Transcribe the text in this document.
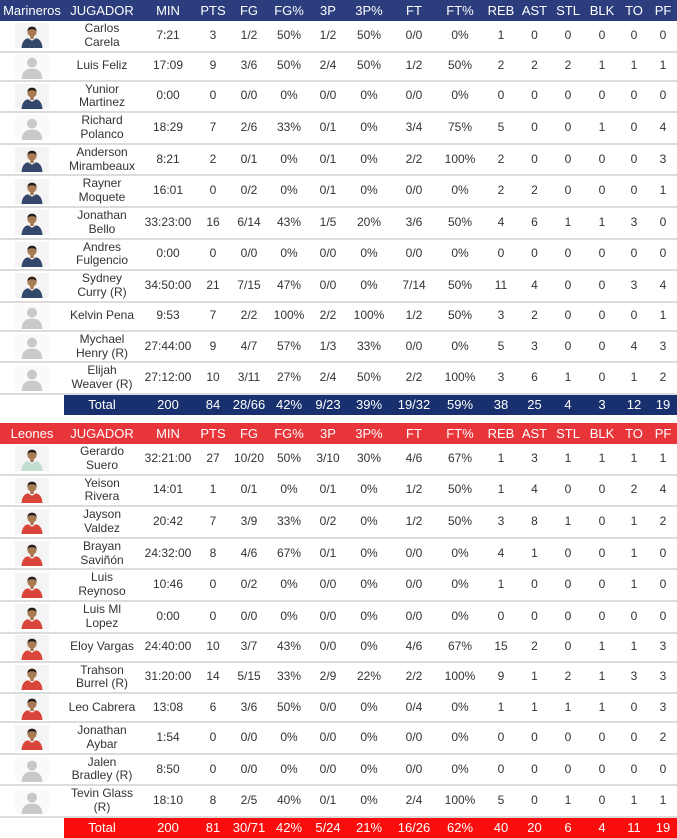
Marineros	JUGADOR	MIN	PTS	FG	FG%	3P	3P%	FT	FT%	REB	AST	STL	BLK	TO	PF

	Carlos Carela	7:21	3	1/2	50%	1/2	50%	0/0	0%	1	0	0	0	0	0

	Luis Feliz	17:09	9	3/6	50%	2/4	50%	1/2	50%	2	2	2	1	1	1

	Yunior Martinez	0:00	0	0/0	0%	0/0	0%	0/0	0%	0	0	0	0	0	0

	Richard Polanco	18:29	7	2/6	33%	0/1	0%	3/4	75%	5	0	0	1	0	4

	Anderson Mirambeaux	8:21	2	0/1	0%	0/1	0%	2/2	100%	2	0	0	0	0	3

	Rayner Moquete	16:01	0	0/2	0%	0/1	0%	0/0	0%	2	2	0	0	0	1

	Jonathan Bello	33:23:00	16	6/14	43%	1/5	20%	3/6	50%	4	6	1	1	3	0

	Andres Fulgencio	0:00	0	0/0	0%	0/0	0%	0/0	0%	0	0	0	0	0	0

	Sydney Curry (R)	34:50:00	21	7/15	47%	0/0	0%	7/14	50%	11	4	0	0	3	4

	Kelvin Pena	9:53	7	2/2	100%	2/2	100%	1/2	50%	3	2	0	0	0	1

	Mychael Henry (R)	27:44:00	9	4/7	57%	1/3	33%	0/0	0%	5	3	0	0	4	3

	Elijah Weaver (R)	27:12:00	10	3/11	27%	2/4	50%	2/2	100%	3	6	1	0	1	2
	Total	200	84	28/66	42%	9/23	39%	19/32	59%	38	25	4	3	12	19
Leones	JUGADOR	MIN	PTS	FG	FG%	3P	3P%	FT	FT%	REB	AST	STL	BLK	TO	PF

	Gerardo Suero	32:21:00	27	10/20	50%	3/10	30%	4/6	67%	1	3	1	1	1	1

	Yeison Rivera	14:01	1	0/1	0%	0/1	0%	1/2	50%	1	4	0	0	2	4

	Jayson Valdez	20:42	7	3/9	33%	0/2	0%	1/2	50%	3	8	1	0	1	2

	Brayan Saviñón	24:32:00	8	4/6	67%	0/1	0%	0/0	0%	4	1	0	0	1	0

	Luis Reynoso	10:46	0	0/2	0%	0/0	0%	0/0	0%	1	0	0	0	1	0

	Luis Ml Lopez	0:00	0	0/0	0%	0/0	0%	0/0	0%	0	0	0	0	0	0

	Eloy Vargas	24:40:00	10	3/7	43%	0/0	0%	4/6	67%	15	2	0	1	1	3

	Trahson Burrel (R)	31:20:00	14	5/15	33%	2/9	22%	2/2	100%	9	1	2	1	3	3

	Leo Cabrera	13:08	6	3/6	50%	0/0	0%	0/4	0%	1	1	1	1	0	3

	Jonathan Aybar	1:54	0	0/0	0%	0/0	0%	0/0	0%	0	0	0	0	0	2

	Jalen Bradley (R)	8:50	0	0/0	0%	0/0	0%	0/0	0%	0	0	0	0	0	0

	Tevin Glass (R)	18:10	8	2/5	40%	0/1	0%	2/4	100%	5	0	1	0	1	1
	Total	200	81	30/71	42%	5/24	21%	16/26	62%	40	20	6	4	11	19
